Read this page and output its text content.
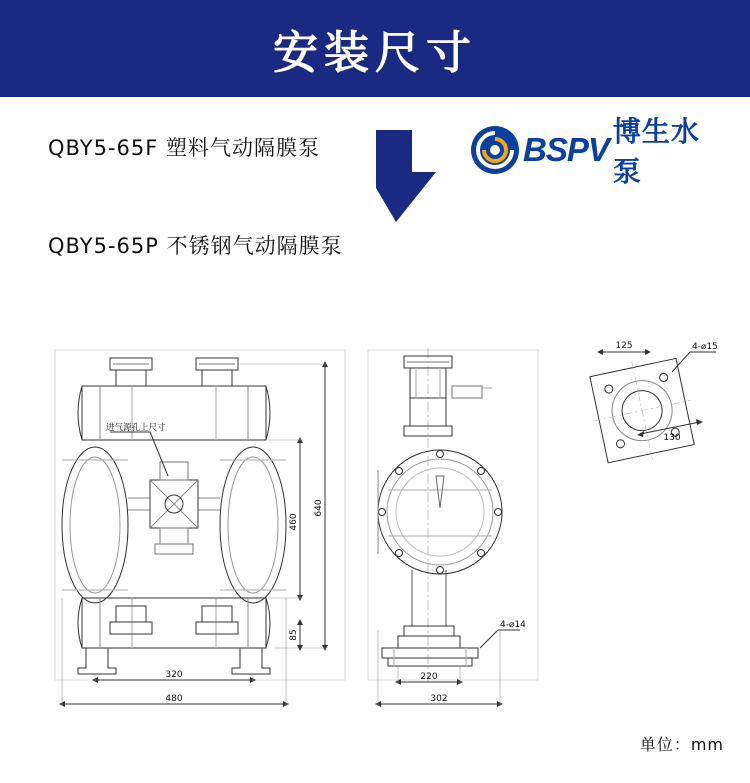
安装尺寸
QBY5-65F 塑料气动隔膜泵
QBY5-65P 不锈钢气动隔膜泵
BSPV 博生水泵
进气源孔上尺寸
460
640
85
320
480
4-⌀14
220
302
125	4-⌀15
130
单位：mm
